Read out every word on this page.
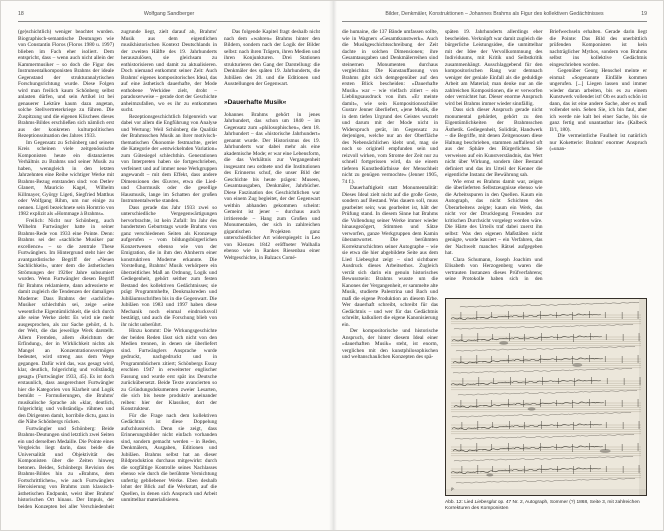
18	Wolfgang Sandberger

(ge)schichtlich) weniger beachtet wurden. Biographisch-semantische Deutungen wie von Constantin Floros (Floros 1980 u. 1997) blieben im Fach eher isoliert. Dem entspricht, dass – wenn auch nicht allein der Kammermusiker – so doch die Figur des Instrumentalkomponisten Brahms der ideale Gegenstand der strukturanalytischen Forschungsrichtung wurde. Diese Folgen wird man freilich kaum Schönberg selbst anlasten dürfen, und sein Artikel ist bei genauerer Lektüre kaum dazu angetan, solche Stellvertreterkriege zu führen. Die Zuspitzung und die eigenen Klischees dieses Brahms-Bildes erschließen sich nämlich erst aus der konkreten kulturpolitischen Rezeptionssituation des Jahres 1933.

Im Gegensatz zu Schönberg und seinem Kreis scheinen viele zeitgenössische Komponisten heute ein distanziertes Verhältnis zu Brahms und seiner Musik zu haben, wenngleich in den letzten Jahrzehnten eine Reihe wichtiger Werke mit Brahms-Bezug entstanden sind: von Detlev Glanert, Mauricio Kagel, Wilhelm Killmayer, György Ligeti, Siegfried Matthus oder Wolfgang Rihm, um nur einige zu nennen. Ligeti bezeichnete sein Horntrio von 1982 explizit als »Hommage à Brahms«.

Freilich: Nicht nur Schönberg, auch Wilhelm Furtwängler hatte in seiner Brahms-Rede von 1933 eine Pointe. Denn: Brahms sei der »sachliche Musiker par excellence« – so die zentrale These Furtwänglers. Im Hintergrund steht hier der avantgardistische Begriff der »Neuen Sachlichkeit«, unter dem die ästhetischen Strömungen der 1920er Jahre subsumiert wurden. Wenn Furtwängler diesen Begriff für Brahms reklamierte, dann adressierte er damit zugleich die Tendenzen der damaligen Moderne: Dass Brahms der ›sachliche‹ Musiker schlechthin sei, zeige »eine wesentliche Eigentümlichkeit, die sich durch alle seine Werke zieht: Es wird nie mehr ausgesprochen, als zur Sache gehört, d. h. der Welt, die das jeweilige Werk darstellt. Allem Fremden, allem ›Reichtum der Erfindung‹, der in Wirklichkeit nichts als Mangel an Konzentrationsvermögen bedeutet, wird streng aus dem Wege gegangen. Dafür wird das, was gesagt wird, klar, deutlich, folgerichtig und vollständig gesagt« (Furtwängler 1933, 45). Es ist doch erstaunlich, dass ausgerechnet Furtwängler hier die Kategorien von Klarheit und Logik bemüht – Formulierungen, die Brahms' musikalische Sprache als »klar, deutlich, folgerichtig und vollständig« rühmen und den Dirigenten damit, horribile dictu, ganz in die Nähe Schönbergs rücken.

Furtwängler und Schönberg: Beide Brahms-Deutungen sind letztlich zwei Seiten ein und derselben Medaille. Die Pointe eines Vergleichs liegt darin, dass beide die Universalität und Objektivität des Komponisten über die Zeiten hinweg betonen. Beides, Schönbergs Revision des Brahms-Bildes hin zu »Brahms, dem Fortschrittlichen«, wie auch Furtwänglers Heroisierung von Brahms zum klassisch-ästhetischen Endpunkt, weist über Brahms' historischen Ort hinaus. Der Impuls, der beiden Konzepten bei aller Verschiedenheit zugrunde liegt, zielt darauf ab, Brahms' Musik aus dem eigentlichen musikhistorischen Kontext Deutschlands in der zweiten Hälfte des 19. Jahrhunderts herauszulösen, sie gleichsam zu enthistorisieren und damit zu aktualisieren. Doch niemand entkommt seiner Zeit: Auch Brahms' eigenes kompositorisches Ideal, das auf eine ästhetisch dauerhafte, der Mode enthobene Werkidee zielt, droht – paradoxerweise – gerade dort der Geschichte anheimzufallen, wo es ihr zu entkommen sucht.

Rezeptionsgeschichtlich folgenreich war dabei vor allem die Engführung von Analyse und Wertung: Weil Schönberg die Qualität der Brahmsschen Musik an ihrer motivisch-thematischen Ökonomie festmachte, geriet die Kategorie der »entwickelnden Variation« zum Gütesiegel schlechthin. Generationen von Interpreten haben sie fortgeschrieben, verfeinert und auf immer neue Werkgruppen angewandt – mit dem Effekt, dass andere Dimensionen des Œuvres, etwa die Lied- und Chormusik oder die gesellige Hausmusik, lange im Schatten der großen Instrumentalwerke standen.

Dass gerade das Jahr 1933 zwei so unterschiedliche Vergegenwärtigungen hervorbrachte, ist kein Zufall: Im Jahr des hundertsten Geburtstags wurde Brahms von ganz verschiedenen Seiten als Kronzeuge aufgerufen – vom bildungsbürgerlichen Konzertwesen ebenso wie von der Emigration, die in ihm den Ahnherrn einer konstruktiven Moderne erkannte. Die Vorstellung, Brahms' Musik verkörpere ein überzeitliches Maß an Ordnung, Logik und Gediegenheit, gehört seither zum festen Bestand des kollektiven Gedächtnisses; sie prägt Programmhefte, Denkmalsreden und Jubiläumsschriften bis in die Gegenwart. Die Jubiläen von 1983 und 1997 haben diese Mechanik noch einmal eindrucksvoll bestätigt, und auch die Forschung blieb von ihr nicht unberührt.

Hinzu kommt: Die Wirkungsgeschichte der beiden Reden lässt sich nicht von den Medien trennen, in denen sie überliefert sind. Furtwänglers Ansprache wurde gedruckt, nachgedruckt und in Programmbüchern zitiert; Schönbergs Essay erschien 1947 in erweiterter englischer Fassung und wurde erst spät ins Deutsche zurückübersetzt. Beide Texte avancierten so zu Gründungsdokumenten zweier Lesarten, die sich bis heute produktiv aneinander reiben: hier der Klassiker, dort der Konstrukteur.

Für die Frage nach dem kollektiven Gedächtnis ist diese Doppelung aufschlussreich. Denn sie zeigt, dass Erinnerungsbilder nicht einfach vorhanden sind, sondern gemacht werden – in Reden, Denkmälern, Ausgaben, Editionen und Jubiläen. Brahms selbst hat an dieser Bildproduktion durchaus mitgewirkt: durch die sorgfältige Kontrolle seines Nachlasses ebenso wie durch die berühmte Vernichtung unfertig gebliebener Werke. Eben deshalb lohnt der Blick auf die Werkstatt, auf die Quellen, in denen sich Anspruch und Arbeit unmittelbar materialisieren.

Das folgende Kapitel fragt deshalb nicht nach dem »wahren« Brahms hinter den Bildern, sondern nach der Logik der Bilder selbst: nach ihren Trägern, ihren Medien und ihren Konjunkturen. Drei Stationen strukturieren den Gang der Darstellung: die Denkmäler des späten 19. Jahrhunderts, die Jubiläen des 20. und die Editionen und Ausstellungen der Gegenwart.

»Dauerhafte Musik«

Johannes Brahms gehört in jenes Jahrhundert, das schon um 1840 – im Gegensatz zum »philosophischen«, dem 18. Jahrhundert – das »historische Jahrhundert« genannt wurde. Der Historismus des 19. Jahrhunderts war dabei mehr als eine akademische Mode; er war eine Lebensform, die das Verhältnis zur Vergangenheit insgesamt neu ordnete und die Institutionen des Erinnerns schuf, die unser Bild der Geschichte bis heute prägen: Museen, Gesamtausgaben, Denkmäler, Jahrbücher. Diese Faszination des Geschichtlichen war von einem Zug begleitet, der der Gegenwart weithin abhanden gekommen scheint: Gemeint ist jener – durchaus auch irritierende – Hang zum Großen und Monumentalen, der sich in zahlreichen gigantischen Projekten ganz unterschiedlicher Art widerspiegelt: in Leo von Klenzes 1842 eröffneter Walhalla ebenso wie in Rankes Riesenbau einer Weltgeschichte, in Balzacs Comé-

Bilder, Denkmäler, Konstruktionen – Johannes Brahms als Figur des kollektiven Gedächtnisses	19

die humaine, die 137 Bände umfassen sollte, wie in Wagners »Gesamtkunstwerk«. Auch die Musikgeschichtsschreibung der Zeit dachte in solchen Dimensionen; ihre Gesamtausgaben und Denkmälerreihen sind steinernen Monumenten durchaus vergleichbar. Die Kunstauffassung von Brahms gibt sich demgegenüber auf den ersten Blick bescheiden: »Dauerhafte Musik« war – wie vielfach zitiert – ein Lieblingsausdruck von ihm. »Er meinte damit«, wie sein Kompositionsschüler Gustav Jenner überliefert, »jene Musik, die in dem tiefen Urgrund des Geistes wurzelt und darum mit der Mode nicht in Widerspruch gerät, im Gegensatz zu derjenigen, welche nur an der Oberfläche des Nebensächlichen klebt und, mag sie noch so originell empfunden sein und reizvoll wirken, vom Strome der Zeit nur zu schnell fortgerissen wird, da sie einem tieferen Kunstbedürfnisse der Menschheit nicht zu genügen vermochte« (Jenner 1905, 74 f.).

Dauerhaftigkeit statt Monumentalität: Dieses Ideal zielt nicht auf die große Geste, sondern auf Bestand. Was dauern soll, muss gearbeitet sein; was gearbeitet ist, hält der Prüfung stand. In diesem Sinne hat Brahms die Vollendung seiner Werke immer wieder hinausgezögert, Stimmen und Sätze verworfen, ganze Werkgruppen dem Kamin überantwortet. Die berühmten Korrekturschichten seiner Autographe – wie sie etwa die hier abgebildete Seite aus dem Lied Liebesglut zeigt – sind sichtbarer Ausdruck dieses Arbeitsethos. Zugleich verrät sich darin ein genuin historisches Bewusstsein: Brahms wusste um die Kanones der Vergangenheit, er sammelte alte Musik, studierte Palestrina und Bach und maß die eigene Produktion an diesem Erbe. Wer dauerhaft schreibt, schreibt für das Gedächtnis – und wer für das Gedächtnis schreibt, kalkuliert die eigene Kanonisierung ein.

Der kompositorische und historische Anspruch, der hinter diesem Ideal einer »dauerhaften Musik« steht, ist enorm, verglichen mit den kunstphilosophischen und weltanschaulichen Konzepten des spä-

späten 19. Jahrhunderts allerdings eher bescheiden. Verknüpft war damit zugleich die bürgerliche Leistungsidee, die unmittelbar mit der Idee der Vervollkommnung des Individuums, mit Kritik und Selbstkritik zusammenhängt. Ausschlaggebend für den kompositorischen Rang war demnach weniger der geniale Einfall als die geduldige Arbeit am Material; man denke nur an die zahlreichen Kompositionen, die er verworfen oder vernichtet hat. Dieser enorme Anspruch wird bei Brahms immer wieder sinnfällig.

Dass sich dieser Anspruch gerade nicht monumental gebärdet, gehört zu den Eigentümlichkeiten der Brahmsschen Ästhetik. Gediegenheit, Solidität, Handwerk – die Begriffe, mit denen Zeitgenossen diese Haltung beschrieben, stammen auffallend oft aus der Sphäre des Bürgerlichen. Sie verweisen auf ein Kunstverständnis, das Wert nicht über Wirkung, sondern über Bestand definiert und das im Urteil der Kenner die eigentliche Instanz der Bewährung sah.

Wie ernst es Brahms damit war, zeigen die überlieferten Selbstzeugnisse ebenso wie die Arbeitsspuren in den Quellen. Kaum ein Autograph, das nicht Schichten des Überarbeitens zeigte; kaum ein Werk, das nicht vor der Drucklegung Freunden zur kritischen Durchsicht vorgelegt worden wäre. Die Härte des Urteils traf dabei zuerst ihn selbst: Was den eigenen Maßstäben nicht genügte, wurde kassiert – ein Verfahren, das der Nachwelt manches Rätsel aufgegeben hat.

Clara Schumann, Joseph Joachim und Elisabeth von Herzogenberg waren die vertrauten Instanzen dieses Prüfverfahrens; seine Protokolle haben sich in den Briefwechseln erhalten. Gerade darin liegt die Pointe: Das Bild des unerbittlich prüfenden Komponisten ist kein nachträglicher Mythos, sondern von Brahms selbst ins kollektive Gedächtnis eingeschrieben worden.

Gegenüber Georg Henschel meinte er einmal: »Sogenannte Einfälle kommen ungerufen. [...] Liegen lassen und immer wieder daran arbeiten, bis es zu einem Kunstwerk vollendet ist! Ob es auch schön ist dann, das ist eine andere Sache, aber es muß vollendet sein. Sehen Sie, ich bin faul, aber ich werde nie kalt bei einer Sache, bis sie ganz fertig und unantastbar ist« (Kalbeck II/1, 180).

Die vermeintliche Faulheit ist natürlich nur Koketterie: Brahms' enormer Anspruch (»unan-

fr.
Abb. 12: Lied Liebesglut op. 47 Nr. 2, Autograph, Sommer (?) 1868, Seite 3, mit zahlreichen Korrekturen des Komponisten
